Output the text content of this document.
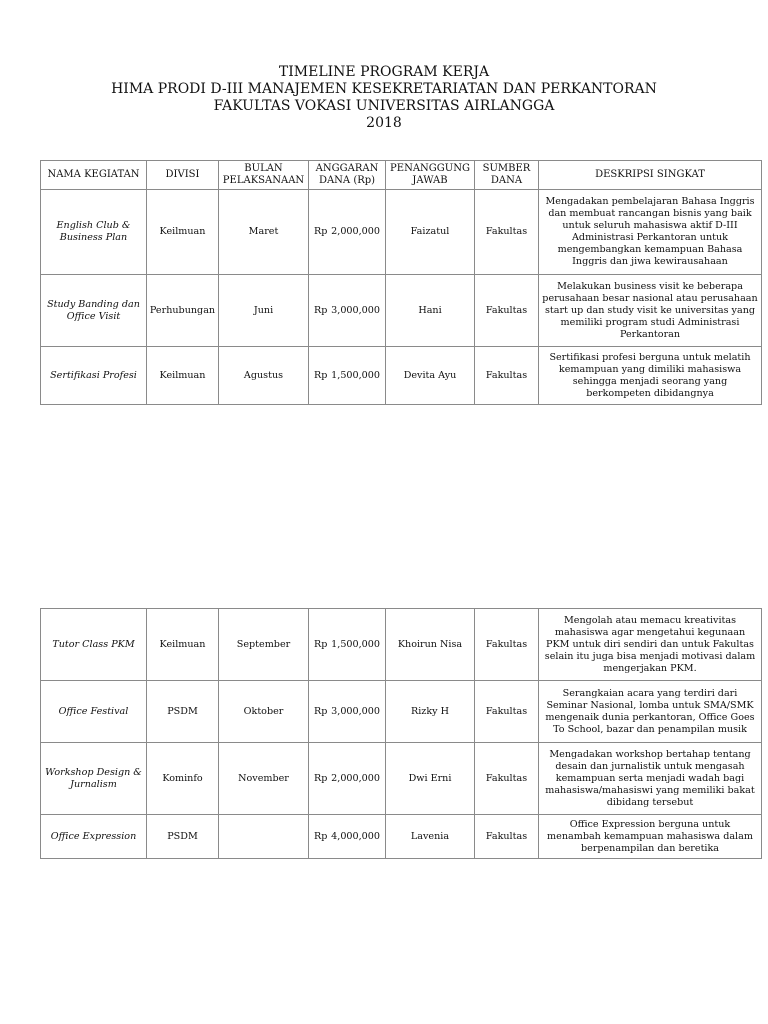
TIMELINE PROGRAM KERJA
HIMA PRODI D-III MANAJEMEN KESEKRETARIATAN DAN PERKANTORAN
FAKULTAS VOKASI UNIVERSITAS AIRLANGGA
2018
NAMA KEGIATAN	DIVISI	BULAN PELAKSANAAN	ANGGARAN DANA (Rp)	PENANGGUNG JAWAB	SUMBER DANA	DESKRIPSI SINGKAT
English Club & Business Plan	Keilmuan	Maret	Rp 2,000,000	Faizatul	Fakultas	Mengadakan pembelajaran Bahasa Inggris dan membuat rancangan bisnis yang baik untuk seluruh mahasiswa aktif D-III Administrasi Perkantoran untuk mengembangkan kemampuan Bahasa Inggris dan jiwa kewirausahaan
Study Banding dan Office Visit	Perhubungan	Juni	Rp 3,000,000	Hani	Fakultas	Melakukan business visit ke beberapa perusahaan besar nasional atau perusahaan start up dan study visit ke universitas yang memiliki program studi Administrasi Perkantoran
Sertifikasi Profesi	Keilmuan	Agustus	Rp 1,500,000	Devita Ayu	Fakultas	Sertifikasi profesi berguna untuk melatih kemampuan yang dimiliki mahasiswa sehingga menjadi seorang yang berkompeten dibidangnya
Tutor Class PKM	Keilmuan	September	Rp 1,500,000	Khoirun Nisa	Fakultas	Mengolah atau memacu kreativitas mahasiswa agar mengetahui kegunaan PKM untuk diri sendiri dan untuk Fakultas selain itu juga bisa menjadi motivasi dalam mengerjakan PKM.
Office Festival	PSDM	Oktober	Rp 3,000,000	Rizky H	Fakultas	Serangkaian acara yang terdiri dari Seminar Nasional, lomba untuk SMA/SMK mengenaik dunia perkantoran, Office Goes To School, bazar dan penampilan musik
Workshop Design & Jurnalism	Kominfo	November	Rp 2,000,000	Dwi Erni	Fakultas	Mengadakan workshop bertahap tentang desain dan jurnalistik untuk mengasah kemampuan serta menjadi wadah bagi mahasiswa/mahasiswi yang memiliki bakat dibidang tersebut
Office Expression	PSDM		Rp 4,000,000	Lavenia	Fakultas	Office Expression berguna untuk menambah kemampuan mahasiswa dalam berpenampilan dan beretika
